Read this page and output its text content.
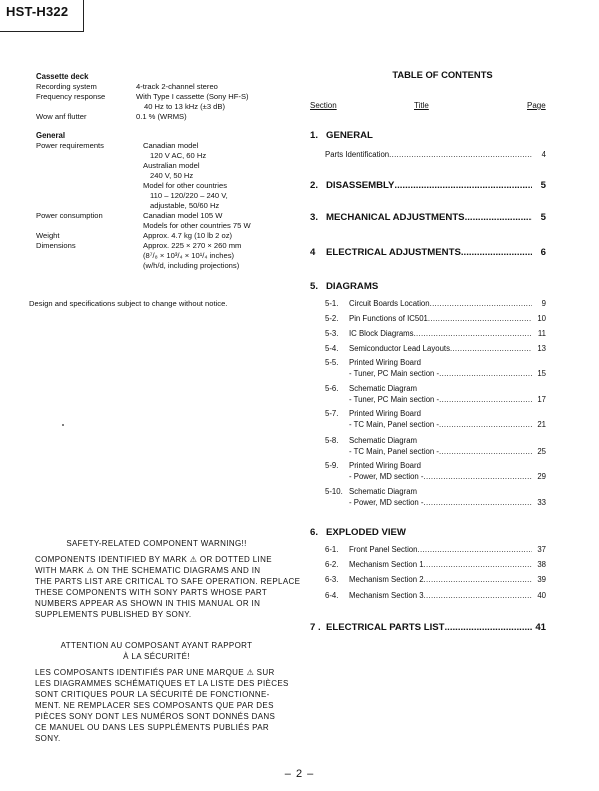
HST-H322
Cassette deck
Recording system	4-track 2-channel stereo
Frequency response	With Type I cassette (Sony HF-S)
40 Hz to 13 kHz (±3 dB)
Wow anf flutter	0.1 % (WRMS)
General
Power requirements	Canadian model
120 V AC, 60 Hz
Australian model
240 V, 50 Hz
Model for other countries
110 – 120/220 – 240 V,
adjustable, 50/60 Hz
Power consumption	Canadian model 105 W
Models for other countries 75 W
Weight	Approx. 4.7 kg (10 lb 2 oz)
Dimensions	Approx. 225 × 270 × 260 mm
(8⁷/₈ × 10³/₄ × 10¹/₄ inches)
(w/h/d, including projections)
Design and specifications subject to change without notice.
SAFETY-RELATED COMPONENT WARNING!!
COMPONENTS IDENTIFIED BY MARK ⚠ OR DOTTED LINE
WITH MARK ⚠ ON THE SCHEMATIC DIAGRAMS AND IN
THE PARTS LIST ARE CRITICAL TO SAFE OPERATION. REPLACE
THESE COMPONENTS WITH SONY PARTS WHOSE PART
NUMBERS APPEAR AS SHOWN IN THIS MANUAL OR IN
SUPPLEMENTS PUBLISHED BY SONY.
ATTENTION AU COMPOSANT AYANT RAPPORT
À LA SÉCURITÉ!
LES COMPOSANTS IDENTIFIÉS PAR UNE MARQUE ⚠ SUR
LES DIAGRAMMES SCHÉMATIQUES ET LA LISTE DES PIÈCES
SONT CRITIQUES POUR LA SÉCURITÉ DE FONCTIONNE-
MENT. NE REMPLACER SES COMPOSANTS QUE PAR DES
PIÈCES SONY DONT LES NUMÉROS SONT DONNÉS DANS
CE MANUEL OU DANS LES SUPPLÉMENTS PUBLIÉS PAR
SONY.
TABLE OF CONTENTS
Section	Title	Page
1. GENERAL
Parts Identification .....	4
2. DISASSEMBLY .....	5
3. MECHANICAL ADJUSTMENTS .....	5
4	ELECTRICAL ADJUSTMENTS .....	6
5. DIAGRAMS
5-1.	Circuit Boards Location .....	9
5-2.	Pin Functions of IC501 .....	10
5-3.	IC Block Diagrams .....	11
5-4.	Semiconductor Lead Layouts .....	13
5-5. Printed Wiring Board
- Tuner, PC Main section - .....	15
5-6. Schematic Diagram
- Tuner, PC Main section - .....	17
5-7. Printed Wiring Board
- TC Main, Panel section - .....	21
5-8. Schematic Diagram
- TC Main, Panel section - .....	25
5-9. Printed Wiring Board
- Power, MD section - .....	29
5-10. Schematic Diagram
- Power, MD section - .....	33
6. EXPLODED VIEW
6-1.	Front Panel Section .....	37
6-2.	Mechanism Section 1 .....	38
6-3.	Mechanism Section 2 .....	39
6-4.	Mechanism Section 3 .....	40
7 . ELECTRICAL PARTS LIST .....	41
– 2 –
